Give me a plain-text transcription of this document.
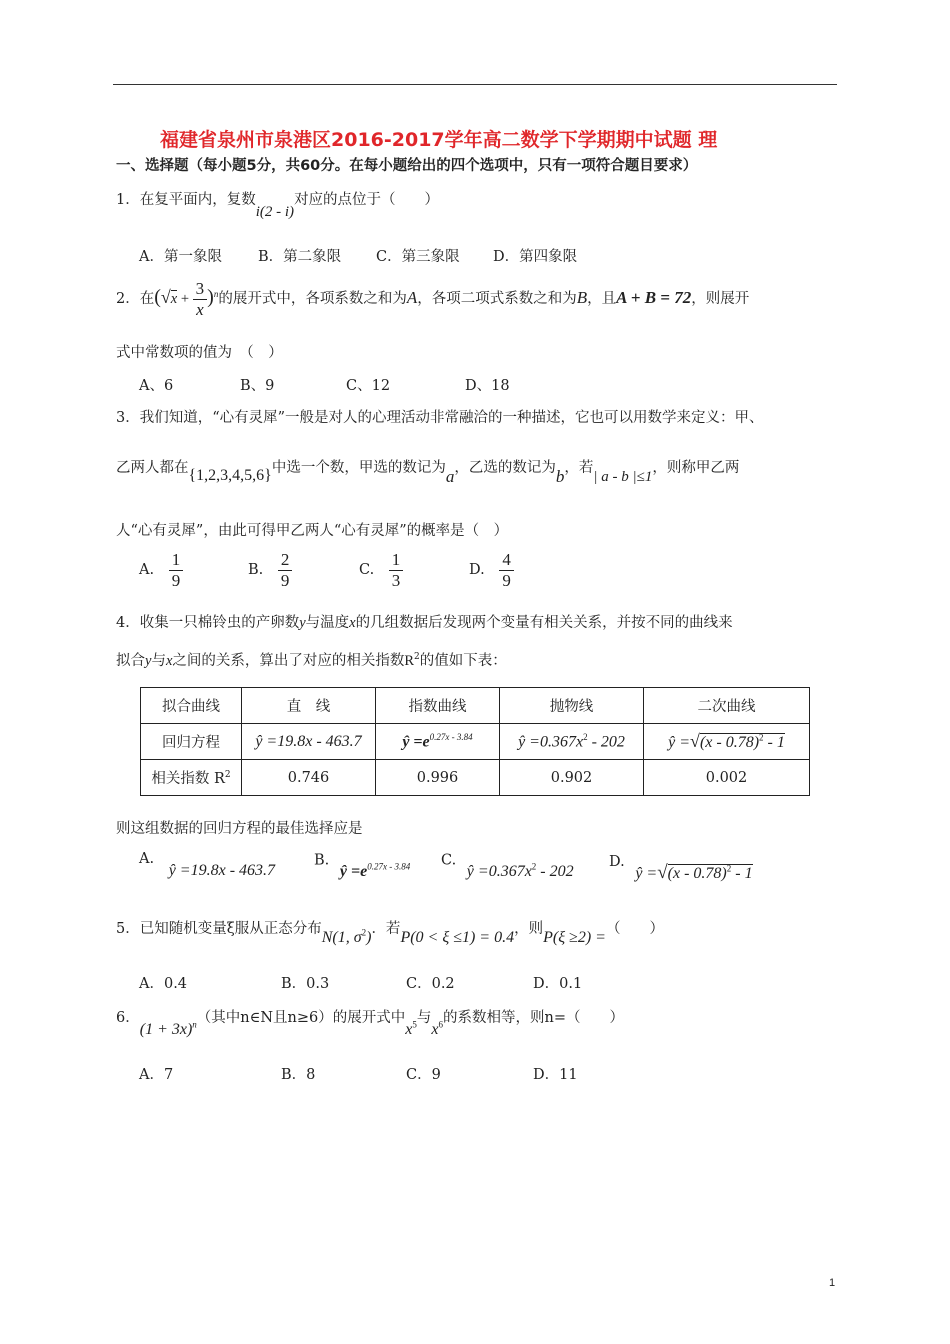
福建省泉州市泉港区2016-2017学年高二数学下学期期中试题 理
一、选择题（每小题5分，共60分。在每小题给出的四个选项中，只有一项符合题目要求）
1．在复平面内，复数i(2 - i)对应的点位于（　　）
A．第一象限 B．第二象限 C．第三象限 D．第四象限
2．在$(√x + \frac{3}{x} )^n$的展开式中，各项系数之和为A，各项二项式系数之和为B，且A + B = 72，则展开
式中常数项的值为　（　）
A、6	B、9	C、12	D、18
3．我们知道，“心有灵犀”一般是对人的心理活动非常融洽的一种描述，它也可以用数学来定义：甲、
乙两人都在{1,2,3,4,5,6}中选一个数，甲选的数记为a，乙选的数记为b，若| a - b |≤1，则称甲乙两
人“心有灵犀”，由此可得甲乙两人“心有灵犀”的概率是（　）
A. $\frac{1}{9}$	B. $\frac{2}{9}$	C. $\frac{1}{3}$	D. $\frac{4}{9}$
4．收集一只棉铃虫的产卵数y与温度x的几组数据后发现两个变量有相关关系，并按不同的曲线来
拟合y与x之间的关系，算出了对应的相关指数$R^2$的值如下表：
拟合曲线	直　线	指数曲线	抛物线	二次曲线
回归方程	ŷ =19.8x - 463.7	ŷ $=e^{0.27x - 3.84}$	ŷ $=0.367x^2 - 202$	ŷ =√(x - 0.78)$^2$ - 1
相关指数 $R^2$	0.746	0.996	0.902	0.002
则这组数据的回归方程的最佳选择应是
A. ŷ =19.8x - 463.7
B. ŷ $=e^{0.27x - 3.84}$ C. ŷ $=0.367x^2 - 202$
D. ŷ =√(x - 0.78)$^2$ - 1
5．已知随机变量ξ服从正态分布N(1, $\sigma^2$)．若P(0 < ξ ≤1) = 0.4，则P(ξ ≥2) =（　　）
A．0.4	B．0.3	C．0.2	D．0.1
6．$(1 + 3x)^n$（其中n∈N且n≥6）的展开式中$x^5$与$x^6$的系数相等，则n=（　　）
A．7	B．8	C．9	D．11
1
